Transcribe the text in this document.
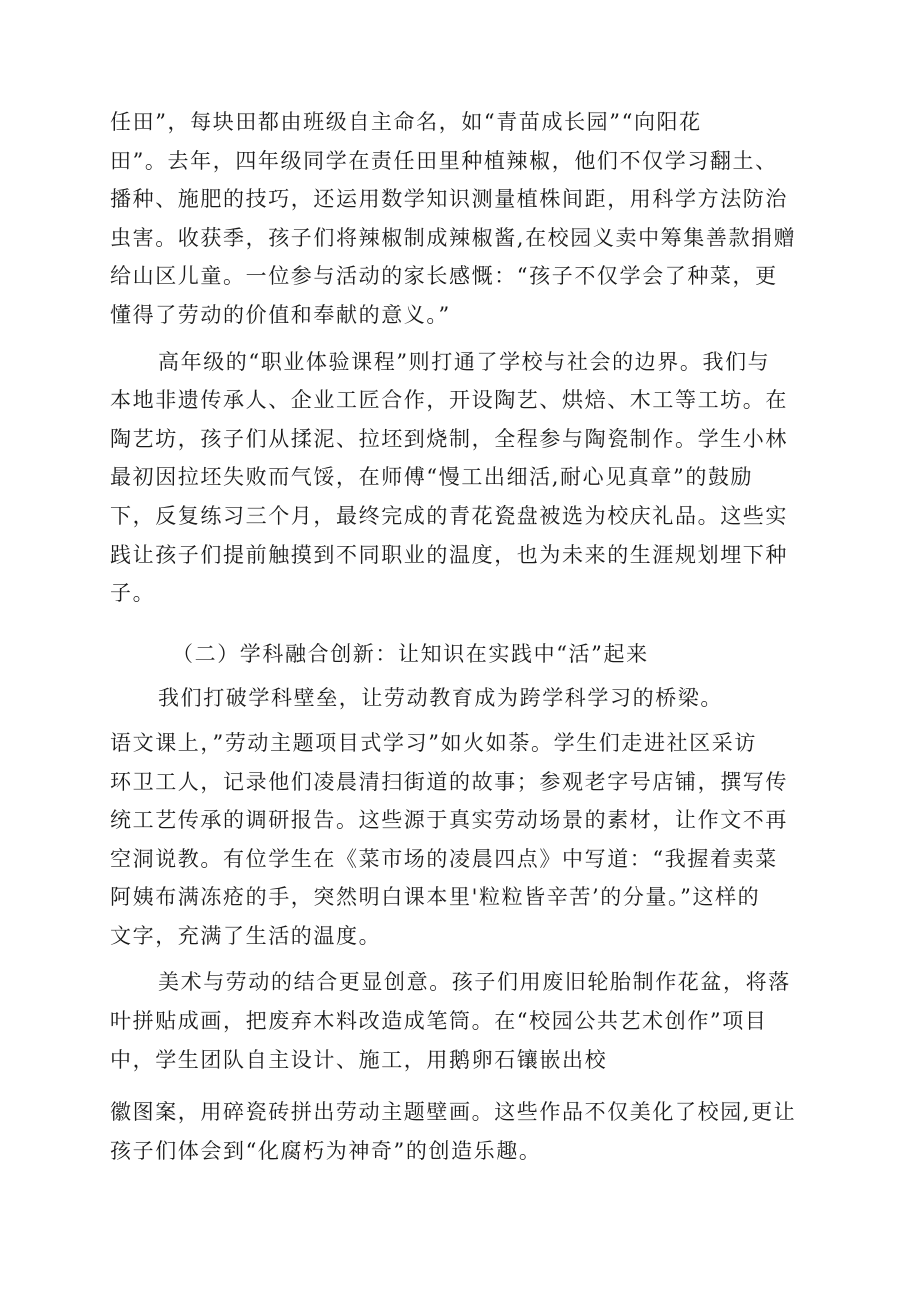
任田”，每块田都由班级自主命名，如“青苗成长园”“向阳花
田”。去年，四年级同学在责任田里种植辣椒，他们不仅学习翻土、
播种、施肥的技巧，还运用数学知识测量植株间距，用科学方法防治
虫害。收获季，孩子们将辣椒制成辣椒酱,在校园义卖中筹集善款捐赠
给山区儿童。一位参与活动的家长感慨：“孩子不仅学会了种菜，更
懂得了劳动的价值和奉献的意义。”
高年级的“职业体验课程”则打通了学校与社会的边界。我们与
本地非遗传承人、企业工匠合作，开设陶艺、烘焙、木工等工坊。在
陶艺坊，孩子们从揉泥、拉坯到烧制，全程参与陶瓷制作。学生小林
最初因拉坯失败而气馁，在师傅“慢工出细活,耐心见真章”的鼓励
下，反复练习三个月，最终完成的青花瓷盘被选为校庆礼品。这些实
践让孩子们提前触摸到不同职业的温度，也为未来的生涯规划埋下种
子。
（二）学科融合创新：让知识在实践中“活”起来
我们打破学科壁垒，让劳动教育成为跨学科学习的桥梁。
语文课上，”劳动主题项目式学习”如火如荼。学生们走进社区采访
环卫工人，记录他们凌晨清扫街道的故事；参观老字号店铺，撰写传
统工艺传承的调研报告。这些源于真实劳动场景的素材，让作文不再
空洞说教。有位学生在《菜市场的凌晨四点》中写道：“我握着卖菜
阿姨布满冻疮的手，突然明白课本里'粒粒皆辛苦’的分量。”这样的
文字，充满了生活的温度。
美术与劳动的结合更显创意。孩子们用废旧轮胎制作花盆，将落
叶拼贴成画，把废弃木料改造成笔筒。在“校园公共艺术创作”项目
中，学生团队自主设计、施工，用鹅卵石镶嵌出校
徽图案，用碎瓷砖拼出劳动主题壁画。这些作品不仅美化了校园,更让
孩子们体会到“化腐朽为神奇”的创造乐趣。
